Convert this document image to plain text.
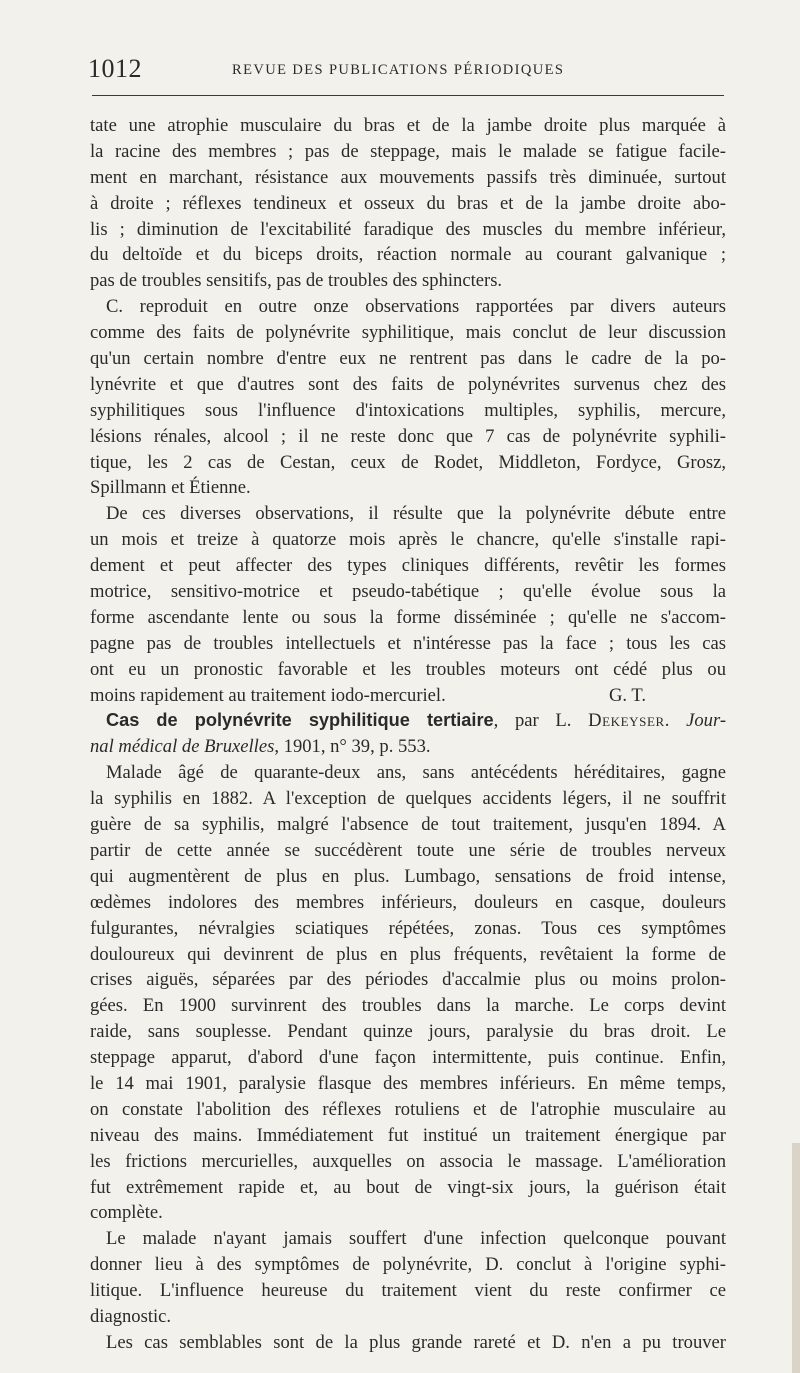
1012	REVUE DES PUBLICATIONS PÉRIODIQUES
tate une atrophie musculaire du bras et de la jambe droite plus marquée à
la racine des membres ; pas de steppage, mais le malade se fatigue facile-
ment en marchant, résistance aux mouvements passifs très diminuée, surtout
à droite ; réflexes tendineux et osseux du bras et de la jambe droite abo-
lis ; diminution de l'excitabilité faradique des muscles du membre inférieur,
du deltoïde et du biceps droits, réaction normale au courant galvanique ;
pas de troubles sensitifs, pas de troubles des sphincters.
C. reproduit en outre onze observations rapportées par divers auteurs
comme des faits de polynévrite syphilitique, mais conclut de leur discussion
qu'un certain nombre d'entre eux ne rentrent pas dans le cadre de la po-
lynévrite et que d'autres sont des faits de polynévrites survenus chez des
syphilitiques sous l'influence d'intoxications multiples, syphilis, mercure,
lésions rénales, alcool ; il ne reste donc que 7 cas de polynévrite syphili-
tique, les 2 cas de Cestan, ceux de Rodet, Middleton, Fordyce, Grosz,
Spillmann et Étienne.
De ces diverses observations, il résulte que la polynévrite débute entre
un mois et treize à quatorze mois après le chancre, qu'elle s'installe rapi-
dement et peut affecter des types cliniques différents, revêtir les formes
motrice, sensitivo-motrice et pseudo-tabétique ; qu'elle évolue sous la
forme ascendante lente ou sous la forme disséminée ; qu'elle ne s'accom-
pagne pas de troubles intellectuels et n'intéresse pas la face ; tous les cas
ont eu un pronostic favorable et les troubles moteurs ont cédé plus ou
moins rapidement au traitement iodo-mercuriel.	G. T.
Cas de polynévrite syphilitique tertiaire, par L. Dekeyser. Jour-
nal médical de Bruxelles, 1901, n° 39, p. 553.
Malade âgé de quarante-deux ans, sans antécédents héréditaires, gagne
la syphilis en 1882. A l'exception de quelques accidents légers, il ne souffrit
guère de sa syphilis, malgré l'absence de tout traitement, jusqu'en 1894. A
partir de cette année se succédèrent toute une série de troubles nerveux
qui augmentèrent de plus en plus. Lumbago, sensations de froid intense,
œdèmes indolores des membres inférieurs, douleurs en casque, douleurs
fulgurantes, névralgies sciatiques répétées, zonas. Tous ces symptômes
douloureux qui devinrent de plus en plus fréquents, revêtaient la forme de
crises aiguës, séparées par des périodes d'accalmie plus ou moins prolon-
gées. En 1900 survinrent des troubles dans la marche. Le corps devint
raide, sans souplesse. Pendant quinze jours, paralysie du bras droit. Le
steppage apparut, d'abord d'une façon intermittente, puis continue. Enfin,
le 14 mai 1901, paralysie flasque des membres inférieurs. En même temps,
on constate l'abolition des réflexes rotuliens et de l'atrophie musculaire au
niveau des mains. Immédiatement fut institué un traitement énergique par
les frictions mercurielles, auxquelles on associa le massage. L'amélioration
fut extrêmement rapide et, au bout de vingt-six jours, la guérison était
complète.
Le malade n'ayant jamais souffert d'une infection quelconque pouvant
donner lieu à des symptômes de polynévrite, D. conclut à l'origine syphi-
litique. L'influence heureuse du traitement vient du reste confirmer ce
diagnostic.
Les cas semblables sont de la plus grande rareté et D. n'en a pu trouver
